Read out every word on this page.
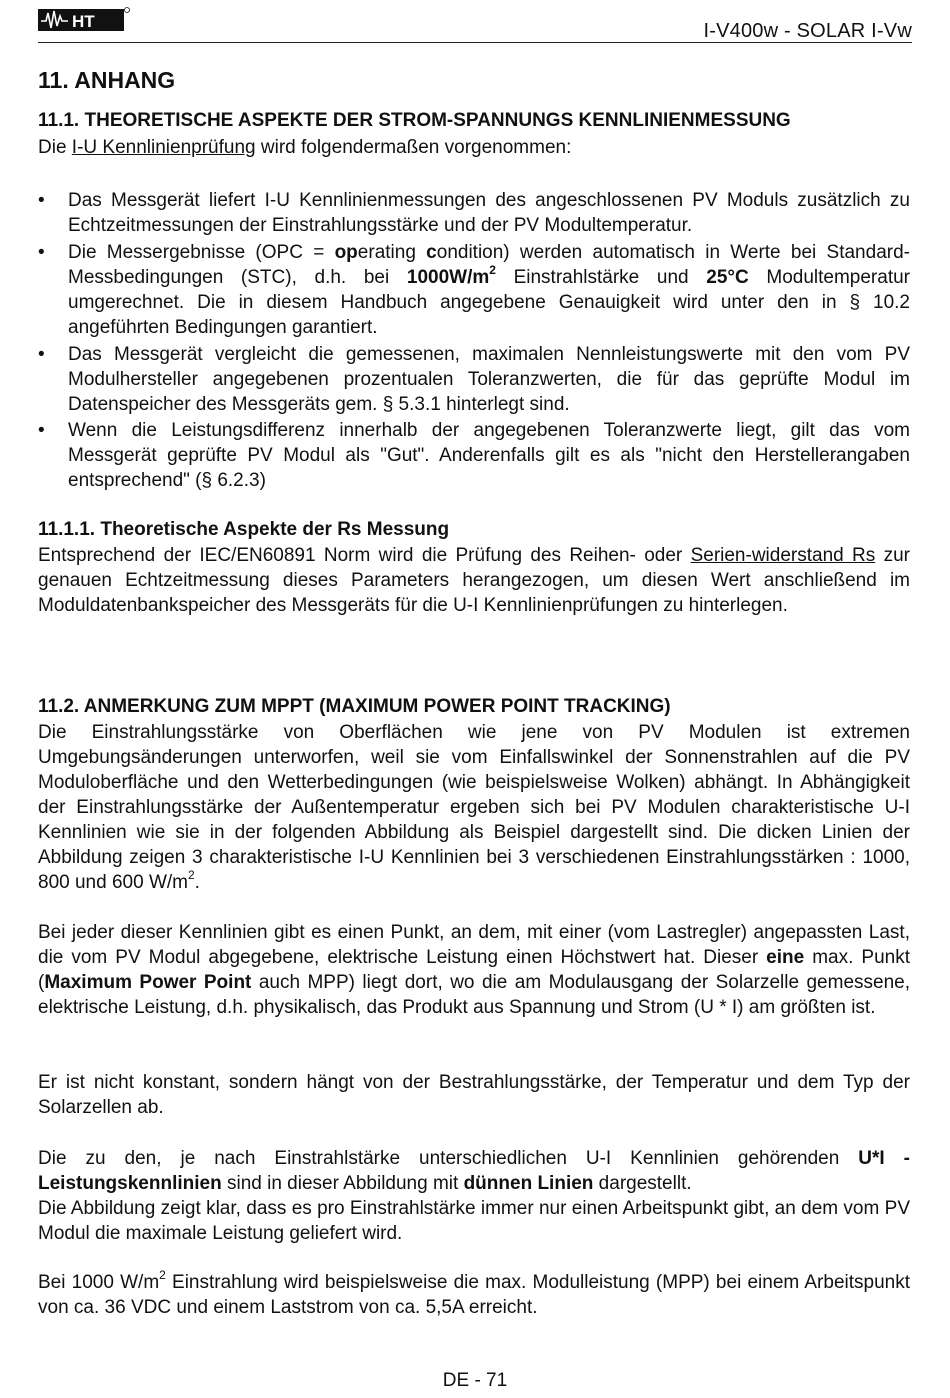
HT	I-V400w - SOLAR I-Vw
11. ANHANG
11.1. THEORETISCHE ASPEKTE DER STROM-SPANNUNGS KENNLINIENMESSUNG
Die I-U Kennlinienprüfung wird folgendermaßen vorgenommen:
• Das Messgerät liefert I-U Kennlinienmessungen des angeschlossenen PV Moduls zusätzlich zu Echtzeitmessungen der Einstrahlungsstärke und der PV Modultemperatur.
• Die Messergebnisse (OPC = operating condition) werden automatisch in Werte bei Standard-Messbedingungen (STC), d.h. bei $1000W/m^2$ Einstrahlstärke und 25°C Modultemperatur umgerechnet. Die in diesem Handbuch angegebene Genauigkeit wird unter den in § 10.2 angeführten Bedingungen garantiert.
• Das Messgerät vergleicht die gemessenen, maximalen Nennleistungswerte mit den vom PV Modulhersteller angegebenen prozentualen Toleranzwerten, die für das geprüfte Modul im Datenspeicher des Messgeräts gem. § 5.3.1 hinterlegt sind.
• Wenn die Leistungsdifferenz innerhalb der angegebenen Toleranzwerte liegt, gilt das vom Messgerät geprüfte PV Modul als "Gut". Anderenfalls gilt es als "nicht den Herstellerangaben entsprechend" (§ 6.2.3)
11.1.1. Theoretische Aspekte der Rs Messung
Entsprechend der IEC/EN60891 Norm wird die Prüfung des Reihen- oder Serien-widerstand Rs zur genauen Echtzeitmessung dieses Parameters herangezogen, um diesen Wert anschließend im Moduldatenbankspeicher des Messgeräts für die U-I Kennlinienprüfungen zu hinterlegen.
11.2. ANMERKUNG ZUM MPPT (MAXIMUM POWER POINT TRACKING)
Die Einstrahlungsstärke von Oberflächen wie jene von PV Modulen ist extremen Umgebungsänderungen unterworfen, weil sie vom Einfallswinkel der Sonnenstrahlen auf die PV Moduloberfläche und den Wetterbedingungen (wie beispielsweise Wolken) abhängt. In Abhängigkeit der Einstrahlungsstärke der Außentemperatur ergeben sich bei PV Modulen charakteristische U-I Kennlinien wie sie in der folgenden Abbildung als Beispiel dargestellt sind. Die dicken Linien der Abbildung zeigen 3 charakteristische I-U Kennlinien bei 3 verschiedenen Einstrahlungsstärken : 1000, 800 und 600 $W/m^2$.
Bei jeder dieser Kennlinien gibt es einen Punkt, an dem, mit einer (vom Lastregler) angepassten Last, die vom PV Modul abgegebene, elektrische Leistung einen Höchstwert hat. Dieser eine max. Punkt (Maximum Power Point auch MPP) liegt dort, wo die am Modulausgang der Solarzelle gemessene, elektrische Leistung, d.h. physikalisch, das Produkt aus Spannung und Strom (U * I) am größten ist.
Er ist nicht konstant, sondern hängt von der Bestrahlungsstärke, der Temperatur und dem Typ der Solarzellen ab.
Die zu den, je nach Einstrahlstärke unterschiedlichen U-I Kennlinien gehörenden U*I - Leistungskennlinien sind in dieser Abbildung mit dünnen Linien dargestellt.
Die Abbildung zeigt klar, dass es pro Einstrahlstärke immer nur einen Arbeitspunkt gibt, an dem vom PV Modul die maximale Leistung geliefert wird.
Bei 1000 $W/m^2$ Einstrahlung wird beispielsweise die max. Modulleistung (MPP) bei einem Arbeitspunkt von ca. 36 VDC und einem Laststrom von ca. 5,5A erreicht.
DE - 71
